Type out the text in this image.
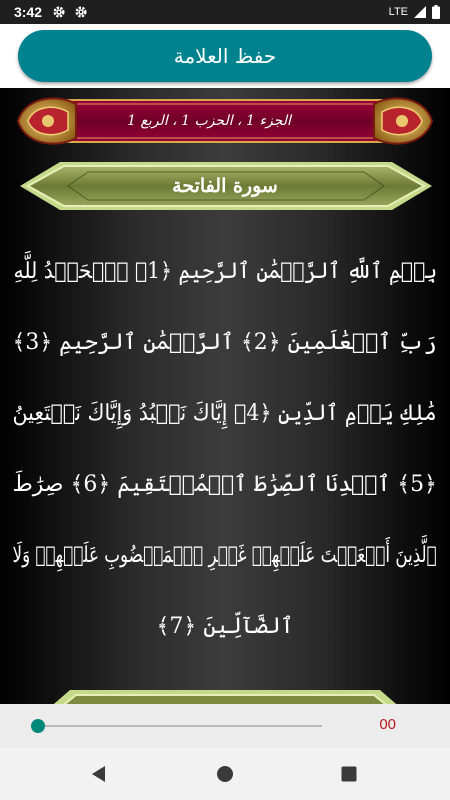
3:42	LTE
حفظ العلامة
الجزء 1 ، الحزب 1 ، الربع 1
سورة الفاتحة
بِسۡمِ ٱللَّهِ ٱلرَّحۡمَٰنِ ٱلرَّحِيمِ ﴿1﴾ ٱلۡحَمۡدُ لِلَّهِ
رَبِّ ٱلۡعَٰلَمِينَ ﴿2﴾ ٱلرَّحۡمَٰنِ ٱلرَّحِيمِ ﴿3﴾
مَٰلِكِ يَوۡمِ ٱلدِّينِ ﴿4﴾ إِيَّاكَ نَعۡبُدُ وَإِيَّاكَ نَسۡتَعِينُ
﴿5﴾ ٱهۡدِنَا ٱلصِّرَٰطَ ٱلۡمُسۡتَقِيمَ ﴿6﴾ صِرَٰطَ
ٱلَّذِينَ أَنۡعَمۡتَ عَلَيۡهِمۡ غَيۡرِ ٱلۡمَغۡضُوبِ عَلَيۡهِمۡ وَلَا
ٱلضَّآلِّينَ ﴿7﴾
00
